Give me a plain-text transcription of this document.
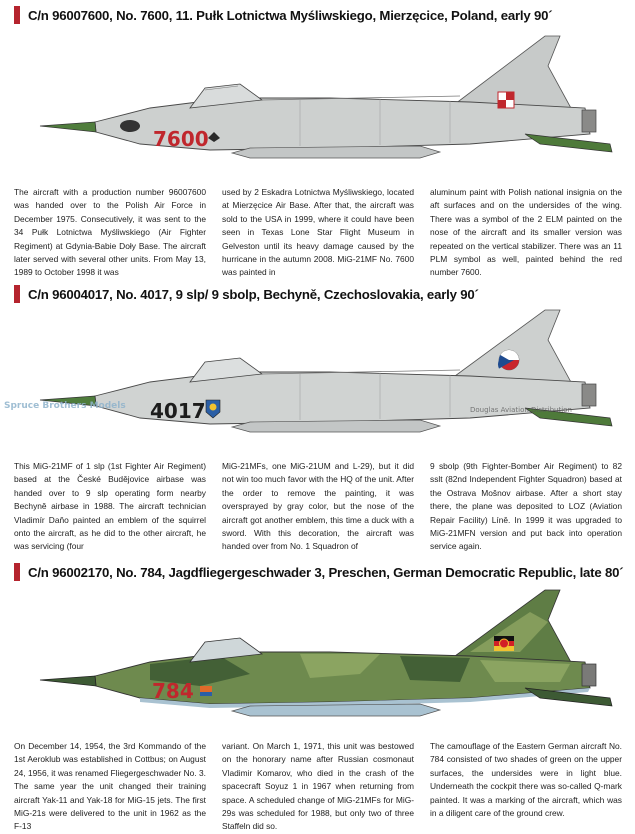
C/n 96007600, No. 7600, 11. Pułk Lotnictwa Myśliwskiego, Mierzęcice, Poland, early 90´
7600
The aircraft with a production number 96007600 was handed over to the Polish Air Force in December 1975. Consecutively, it was sent to the 34 Pułk Lotnictwa Myśliwskiego (Air Fighter Regiment) at Gdynia-Babie Doły Base. The aircraft later served with several other units. From May 13, 1989 to October 1998 it was
used by 2 Eskadra Lotnictwa Myśliwskiego, located at Mierzęcice Air Base. After that, the aircraft was sold to the USA in 1999, where it could have been seen in Texas Lone Star Flight Museum in Gelveston until its heavy damage caused by the hurricane in the autumn 2008. MiG-21MF No. 7600 was painted in
aluminum paint with Polish national insignia on the aft surfaces and on the undersides of the wing. There was a symbol of the 2 ELM painted on the nose of the aircraft and its smaller version was repeated on the vertical stabilizer. There was an 11 PLM symbol as well, painted behind the red number 7600.
C/n 96004017, No. 4017, 9 slp/ 9 sbolp, Bechyně, Czechoslovakia, early 90´
4017
Spruce Brothers Models	Douglas Aviation Distribution
This MiG-21MF of 1 slp (1st Fighter Air Regiment) based at the České Budějovice airbase was handed over to 9 slp operating form nearby Bechyně airbase in 1988. The aircraft technician Vladimír Daňo painted an emblem of the squirrel onto the aircraft, as he did to the other aircraft, he was servicing (four
MiG-21MFs, one MiG-21UM and L-29), but it did not win too much favor with the HQ of the unit. After the order to remove the painting, it was oversprayed by gray color, but the nose of the aircraft got another emblem, this time a duck with a sword. With this decoration, the aircraft was handed over from No. 1 Squadron of
9 sbolp (9th Fighter-Bomber Air Regiment) to 82 sslt (82nd Independent Fighter Squadron) based at the Ostrava Mošnov airbase. After a short stay there, the plane was deposited to LOZ (Aviation Repair Facility) Líně. In 1999 it was upgraded to MiG-21MFN version and put back into operation service again.
C/n 96002170, No. 784, Jagdfliegergeschwader 3, Preschen, German Democratic Republic, late 80´
784
On December 14, 1954, the 3rd Kommando of the 1st Aeroklub was established in Cottbus; on August 24, 1956, it was renamed Fliegergeschwader No. 3. The same year the unit changed their training aircraft Yak-11 and Yak-18 for MiG-15 jets. The first MiG-21s were delivered to the unit in 1962 as the F-13
variant. On March 1, 1971, this unit was bestowed on the honorary name after Russian cosmonaut Vladimir Komarov, who died in the crash of the spacecraft Soyuz 1 in 1967 when returning from space. A scheduled change of MiG-21MFs for MiG-29s was scheduled for 1988, but only two of three Staffeln did so.
The camouflage of the Eastern German aircraft No. 784 consisted of two shades of green on the upper surfaces, the undersides were in light blue. Underneath the cockpit there was so-called Q-mark painted. It was a marking of the aircraft, which was in a diligent care of the ground crew.
